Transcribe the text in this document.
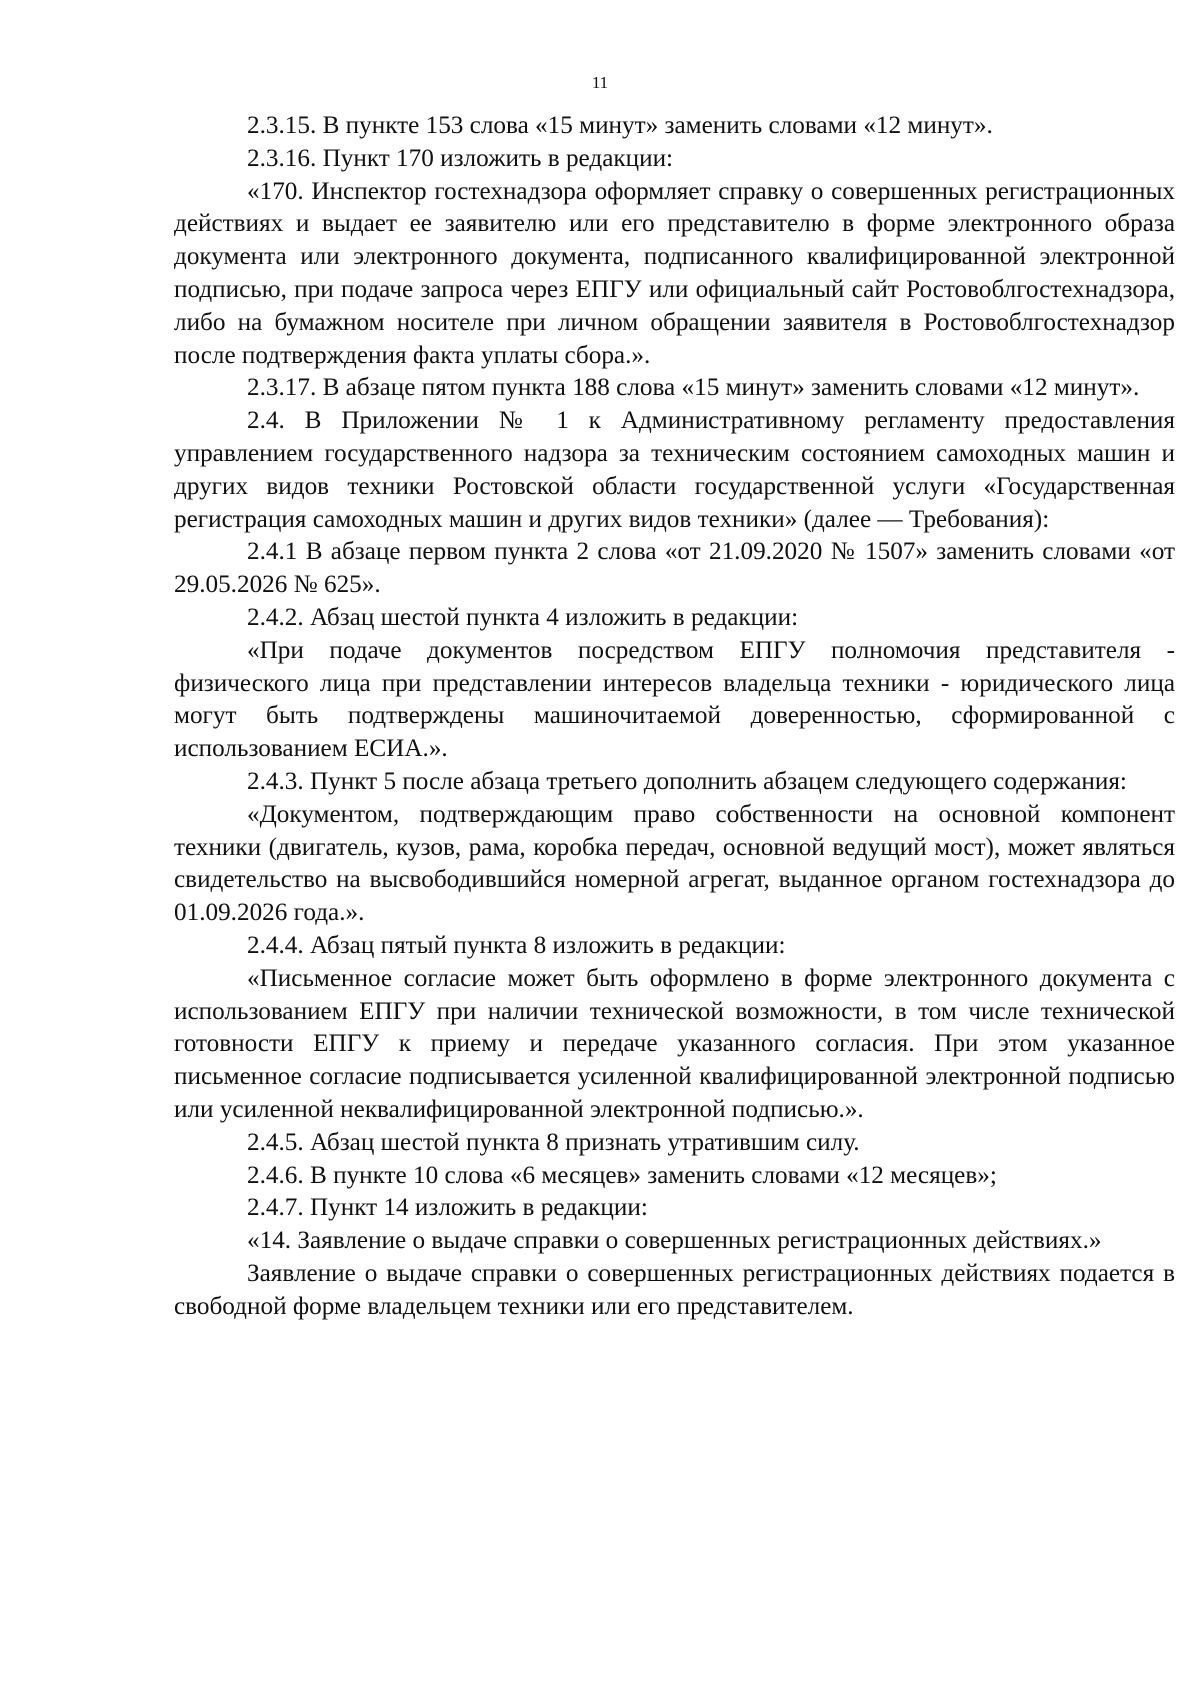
11

2.3.15. В пункте 153 слова «15 минут» заменить словами «12 минут».

2.3.16. Пункт 170 изложить в редакции:

«170. Инспектор гостехнадзора оформляет справку о совершенных регистрационных действиях и выдает ее заявителю или его представителю в форме электронного образа документа или электронного документа, подписанного квалифицированной электронной подписью, при подаче запроса через ЕПГУ или официальный сайт Ростовоблгостехнадзора, либо на бумажном носителе при личном обращении заявителя в Ростовоблгостехнадзор после подтверждения факта уплаты сбора.».

2.3.17. В абзаце пятом пункта 188 слова «15 минут» заменить словами «12 минут».

2.4. В Приложении № 1 к Административному регламенту предоставления управлением государственного надзора за техническим состоянием самоходных машин и других видов техники Ростовской области государственной услуги «Государственная регистрация самоходных машин и других видов техники» (далее — Требования):

2.4.1 В абзаце первом пункта 2 слова «от 21.09.2020 № 1507» заменить словами «от 29.05.2026 № 625».

2.4.2. Абзац шестой пункта 4 изложить в редакции:

«При подаче документов посредством ЕПГУ полномочия представителя - физического лица при представлении интересов владельца техники - юридического лица могут быть подтверждены машиночитаемой доверенностью, сформированной с использованием ЕСИА.».

2.4.3. Пункт 5 после абзаца третьего дополнить абзацем следующего содержания:

«Документом, подтверждающим право собственности на основной компонент техники (двигатель, кузов, рама, коробка передач, основной ведущий мост), может являться свидетельство на высвободившийся номерной агрегат, выданное органом гостехнадзора до 01.09.2026 года.».

2.4.4. Абзац пятый пункта 8 изложить в редакции:

«Письменное согласие может быть оформлено в форме электронного документа с использованием ЕПГУ при наличии технической возможности, в том числе технической готовности ЕПГУ к приему и передаче указанного согласия. При этом указанное письменное согласие подписывается усиленной квалифицированной электронной подписью или усиленной неквалифицированной электронной подписью.».

2.4.5. Абзац шестой пункта 8 признать утратившим силу.

2.4.6. В пункте 10 слова «6 месяцев» заменить словами «12 месяцев»;

2.4.7. Пункт 14 изложить в редакции:

«14. Заявление о выдаче справки о совершенных регистрационных действиях.»

Заявление о выдаче справки о совершенных регистрационных действиях подается в свободной форме владельцем техники или его представителем.
